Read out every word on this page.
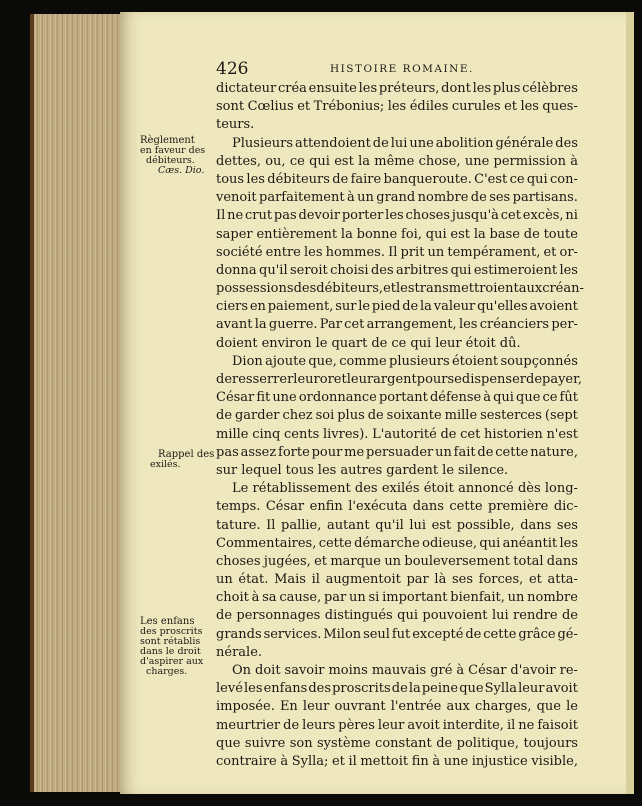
426	HISTOIRE ROMAINE.
Règlement
en faveur des
débiteurs.
Cæs. Dio.
Rappel des
exilés.
Les enfans
des proscrits
sont rétablis
dans le droit
d'aspirer aux
charges.
dictateur créa ensuite les préteurs, dont les plus célèbres
sont Cœlius et Trébonius; les édiles curules et les ques-
teurs.
Plusieurs attendoient de lui une abolition générale des
dettes, ou, ce qui est la même chose, une permission à
tous les débiteurs de faire banqueroute. C'est ce qui con-
venoit parfaitement à un grand nombre de ses partisans.
Il ne crut pas devoir porter les choses jusqu'à cet excès, ni
saper entièrement la bonne foi, qui est la base de toute
société entre les hommes. Il prit un tempérament, et or-
donna qu'il seroit choisi des arbitres qui estimeroient les
possessions des débiteurs, et les transmettroient aux créan-
ciers en paiement, sur le pied de la valeur qu'elles avoient
avant la guerre. Par cet arrangement, les créanciers per-
doient environ le quart de ce qui leur étoit dû.
Dion ajoute que, comme plusieurs étoient soupçonnés
de resserrer leur or et leur argent pour se dispenser de payer,
César fit une ordonnance portant défense à qui que ce fût
de garder chez soi plus de soixante mille sesterces (sept
mille cinq cents livres). L'autorité de cet historien n'est
pas assez forte pour me persuader un fait de cette nature,
sur lequel tous les autres gardent le silence.
Le rétablissement des exilés étoit annoncé dès long-
temps. César enfin l'exécuta dans cette première dic-
tature. Il pallie, autant qu'il lui est possible, dans ses
Commentaires, cette démarche odieuse, qui anéantit les
choses jugées, et marque un bouleversement total dans
un état. Mais il augmentoit par là ses forces, et atta-
choit à sa cause, par un si important bienfait, un nombre
de personnages distingués qui pouvoient lui rendre de
grands services. Milon seul fut excepté de cette grâce gé-
nérale.
On doit savoir moins mauvais gré à César d'avoir re-
levé les enfans des proscrits de la peine que Sylla leur avoit
imposée. En leur ouvrant l'entrée aux charges, que le
meurtrier de leurs pères leur avoit interdite, il ne faisoit
que suivre son système constant de politique, toujours
contraire à Sylla; et il mettoit fin à une injustice visible,
